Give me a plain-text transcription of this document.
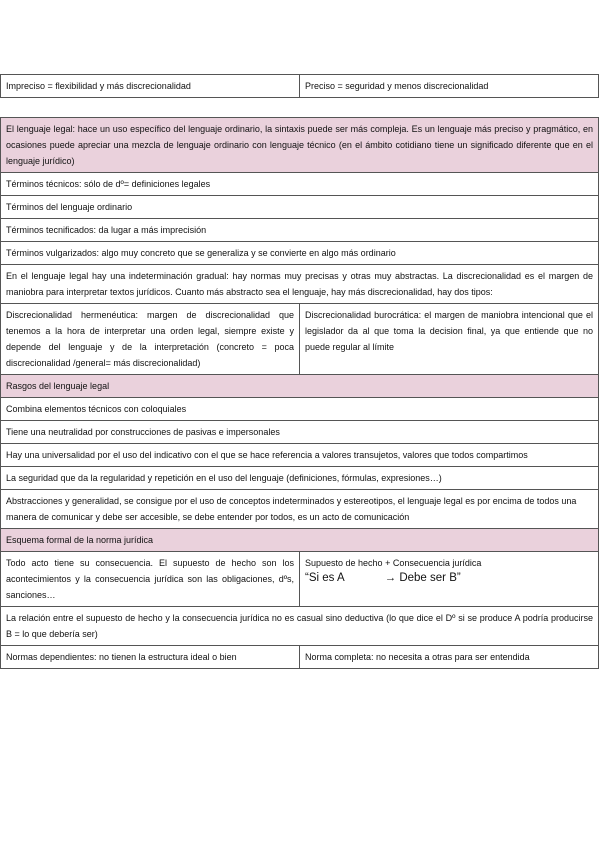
Impreciso = flexibilidad y más discrecionalidad	Preciso = seguridad y menos discrecionalidad
El lenguaje legal: hace un uso específico del lenguaje ordinario, la sintaxis puede ser más compleja. Es un lenguaje más preciso y pragmático, en ocasiones puede apreciar una mezcla de lenguaje ordinario con lenguaje técnico (en el ámbito cotidiano tiene un significado diferente que en el lenguaje jurídico)	
Términos técnicos: sólo de dº= definiciones legales	
Términos del lenguaje ordinario	
Términos tecnificados: da lugar a más imprecisión	
Términos vulgarizados: algo muy concreto que se generaliza y se convierte en algo más ordinario	
En el lenguaje legal hay una indeterminación gradual: hay normas muy precisas y otras muy abstractas. La discrecionalidad es el margen de maniobra para interpretar textos jurídicos. Cuanto más abstracto sea el lenguaje, hay más discrecionalidad, hay dos tipos:	
Discrecionalidad hermenéutica: margen de discrecionalidad que tenemos a la hora de interpretar una orden legal, siempre existe y depende del lenguaje y de la interpretación (concreto = poca discrecionalidad /general= más discrecionalidad)	Discrecionalidad burocrática: el margen de maniobra intencional que el legislador da al que toma la decision final, ya que entiende que no puede regular al límite
Rasgos del lenguaje legal	
Combina elementos técnicos con coloquiales	
Tiene una neutralidad por construcciones de pasivas e impersonales	
Hay una universalidad por el uso del indicativo con el que se hace referencia a valores transujetos, valores que todos compartimos	
La seguridad que da la regularidad y repetición en el uso del lenguaje (definiciones, fórmulas, expresiones…)	
Abstracciones y generalidad, se consigue por el uso de conceptos indeterminados y estereotipos, el lenguaje legal es por encima de todos una manera de comunicar y debe ser accesible, se debe entender por todos, es un acto de comunicación	
Esquema formal de la norma jurídica	
Todo acto tiene su consecuencia. El supuesto de hecho son los acontecimientos y la consecuencia jurídica son las obligaciones, dºs, sanciones…	Supuesto de hecho + Consecuencia jurídica
“Si es A → Debe ser B”

La relación entre el supuesto de hecho y la consecuencia jurídica no es casual sino deductiva (lo que dice el Dº si se produce A podría producirse B = lo que debería ser)	
Normas dependientes: no tienen la estructura ideal o bien	Norma completa: no necesita a otras para ser entendida
